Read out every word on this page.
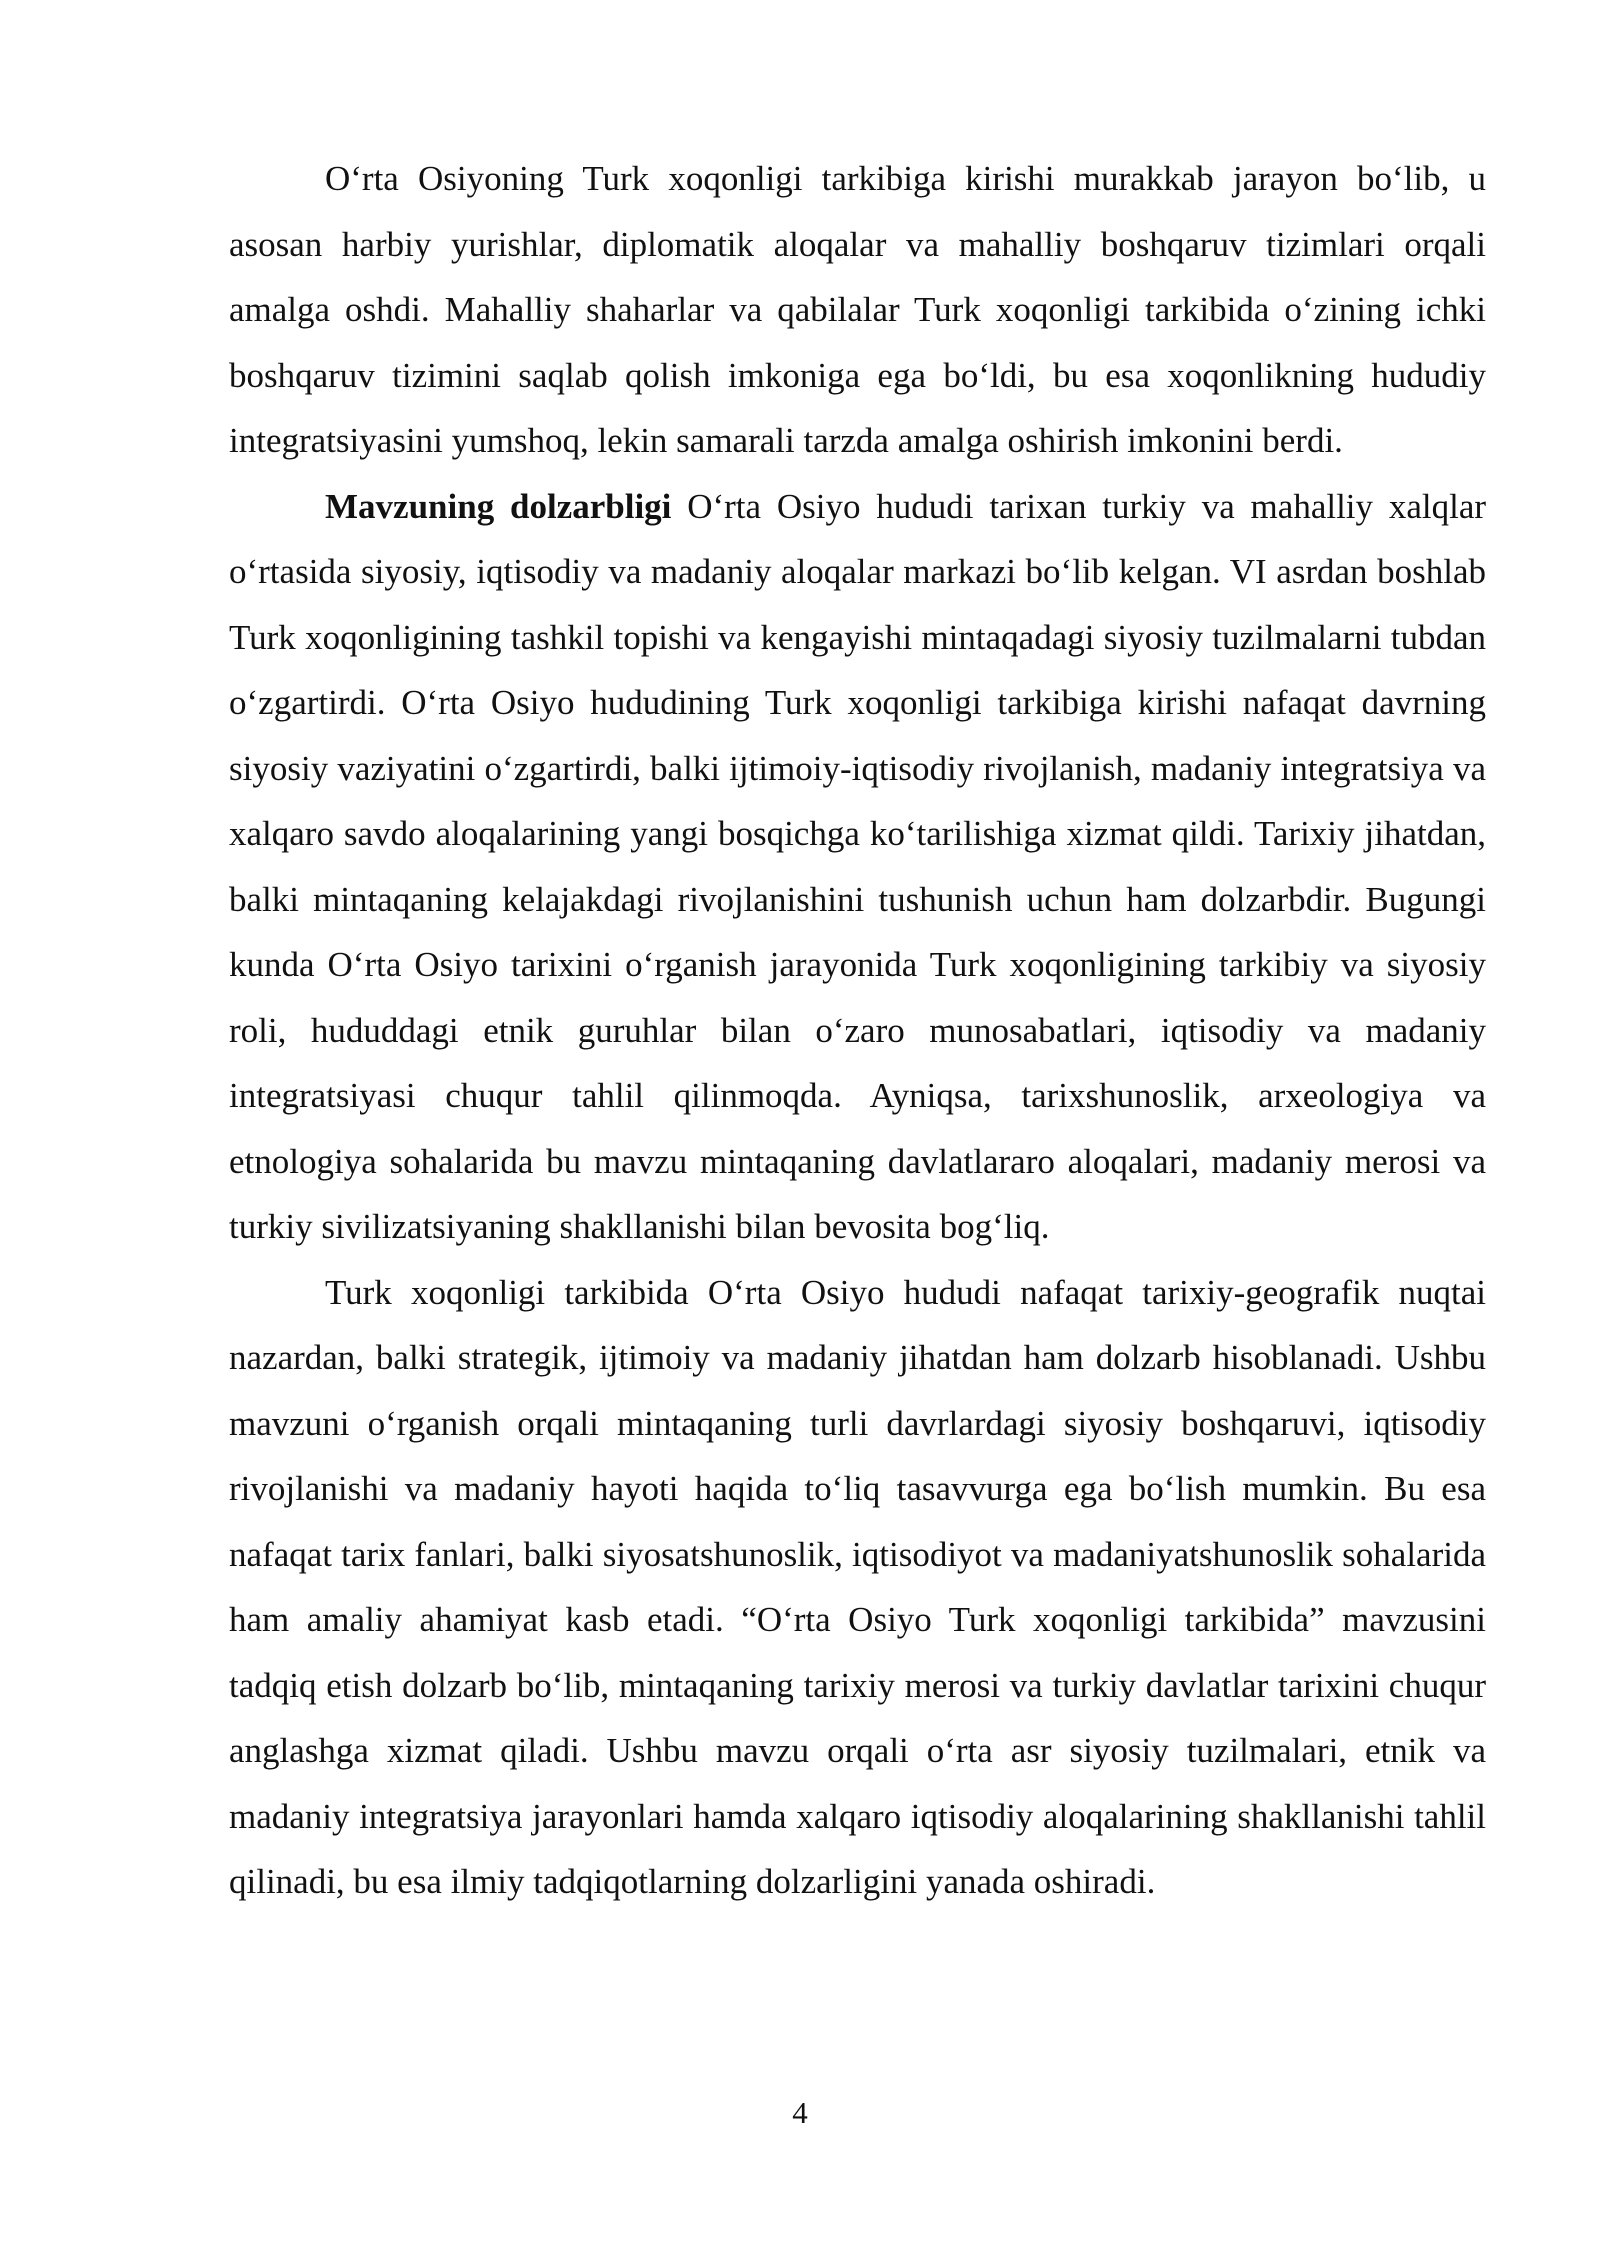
O‘rta Osiyoning Turk xoqonligi tarkibiga kirishi murakkab jarayon bo‘lib, u asosan harbiy yurishlar, diplomatik aloqalar va mahalliy boshqaruv tizimlari orqali amalga oshdi. Mahalliy shaharlar va qabilalar Turk xoqonligi tarkibida o‘zining ichki boshqaruv tizimini saqlab qolish imkoniga ega bo‘ldi, bu esa xoqonlikning hududiy integratsiyasini yumshoq, lekin samarali tarzda amalga oshirish imkonini berdi.

Mavzuning dolzarbligi O‘rta Osiyo hududi tarixan turkiy va mahalliy xalqlar o‘rtasida siyosiy, iqtisodiy va madaniy aloqalar markazi bo‘lib kelgan. VI asrdan boshlab Turk xoqonligining tashkil topishi va kengayishi mintaqadagi siyosiy tuzilmalarni tubdan o‘zgartirdi. O‘rta Osiyo hududining Turk xoqonligi tarkibiga kirishi nafaqat davrning siyosiy vaziyatini o‘zgartirdi, balki ijtimoiy-iqtisodiy rivojlanish, madaniy integratsiya va xalqaro savdo aloqalarining yangi bosqichga ko‘tarilishiga xizmat qildi. Tarixiy jihatdan, balki mintaqaning kelajakdagi rivojlanishini tushunish uchun ham dolzarbdir. Bugungi kunda O‘rta Osiyo tarixini o‘rganish jarayonida Turk xoqonligining tarkibiy va siyosiy roli, hududdagi etnik guruhlar bilan o‘zaro munosabatlari, iqtisodiy va madaniy integratsiyasi chuqur tahlil qilinmoqda. Ayniqsa, tarixshunoslik, arxeologiya va etnologiya sohalarida bu mavzu mintaqaning davlatlararo aloqalari, madaniy merosi va turkiy sivilizatsiyaning shakllanishi bilan bevosita bog‘liq.

Turk xoqonligi tarkibida O‘rta Osiyo hududi nafaqat tarixiy-geografik nuqtai nazardan, balki strategik, ijtimoiy va madaniy jihatdan ham dolzarb hisoblanadi. Ushbu mavzuni o‘rganish orqali mintaqaning turli davrlardagi siyosiy boshqaruvi, iqtisodiy rivojlanishi va madaniy hayoti haqida to‘liq tasavvurga ega bo‘lish mumkin. Bu esa nafaqat tarix fanlari, balki siyosatshunoslik, iqtisodiyot va madaniyatshunoslik sohalarida ham amaliy ahamiyat kasb etadi. “O‘rta Osiyo Turk xoqonligi tarkibida” mavzusini tadqiq etish dolzarb bo‘lib, mintaqaning tarixiy merosi va turkiy davlatlar tarixini chuqur anglashga xizmat qiladi. Ushbu mavzu orqali o‘rta asr siyosiy tuzilmalari, etnik va madaniy integratsiya jarayonlari hamda xalqaro iqtisodiy aloqalarining shakllanishi tahlil qilinadi, bu esa ilmiy tadqiqotlarning dolzarligini yanada oshiradi.

4
